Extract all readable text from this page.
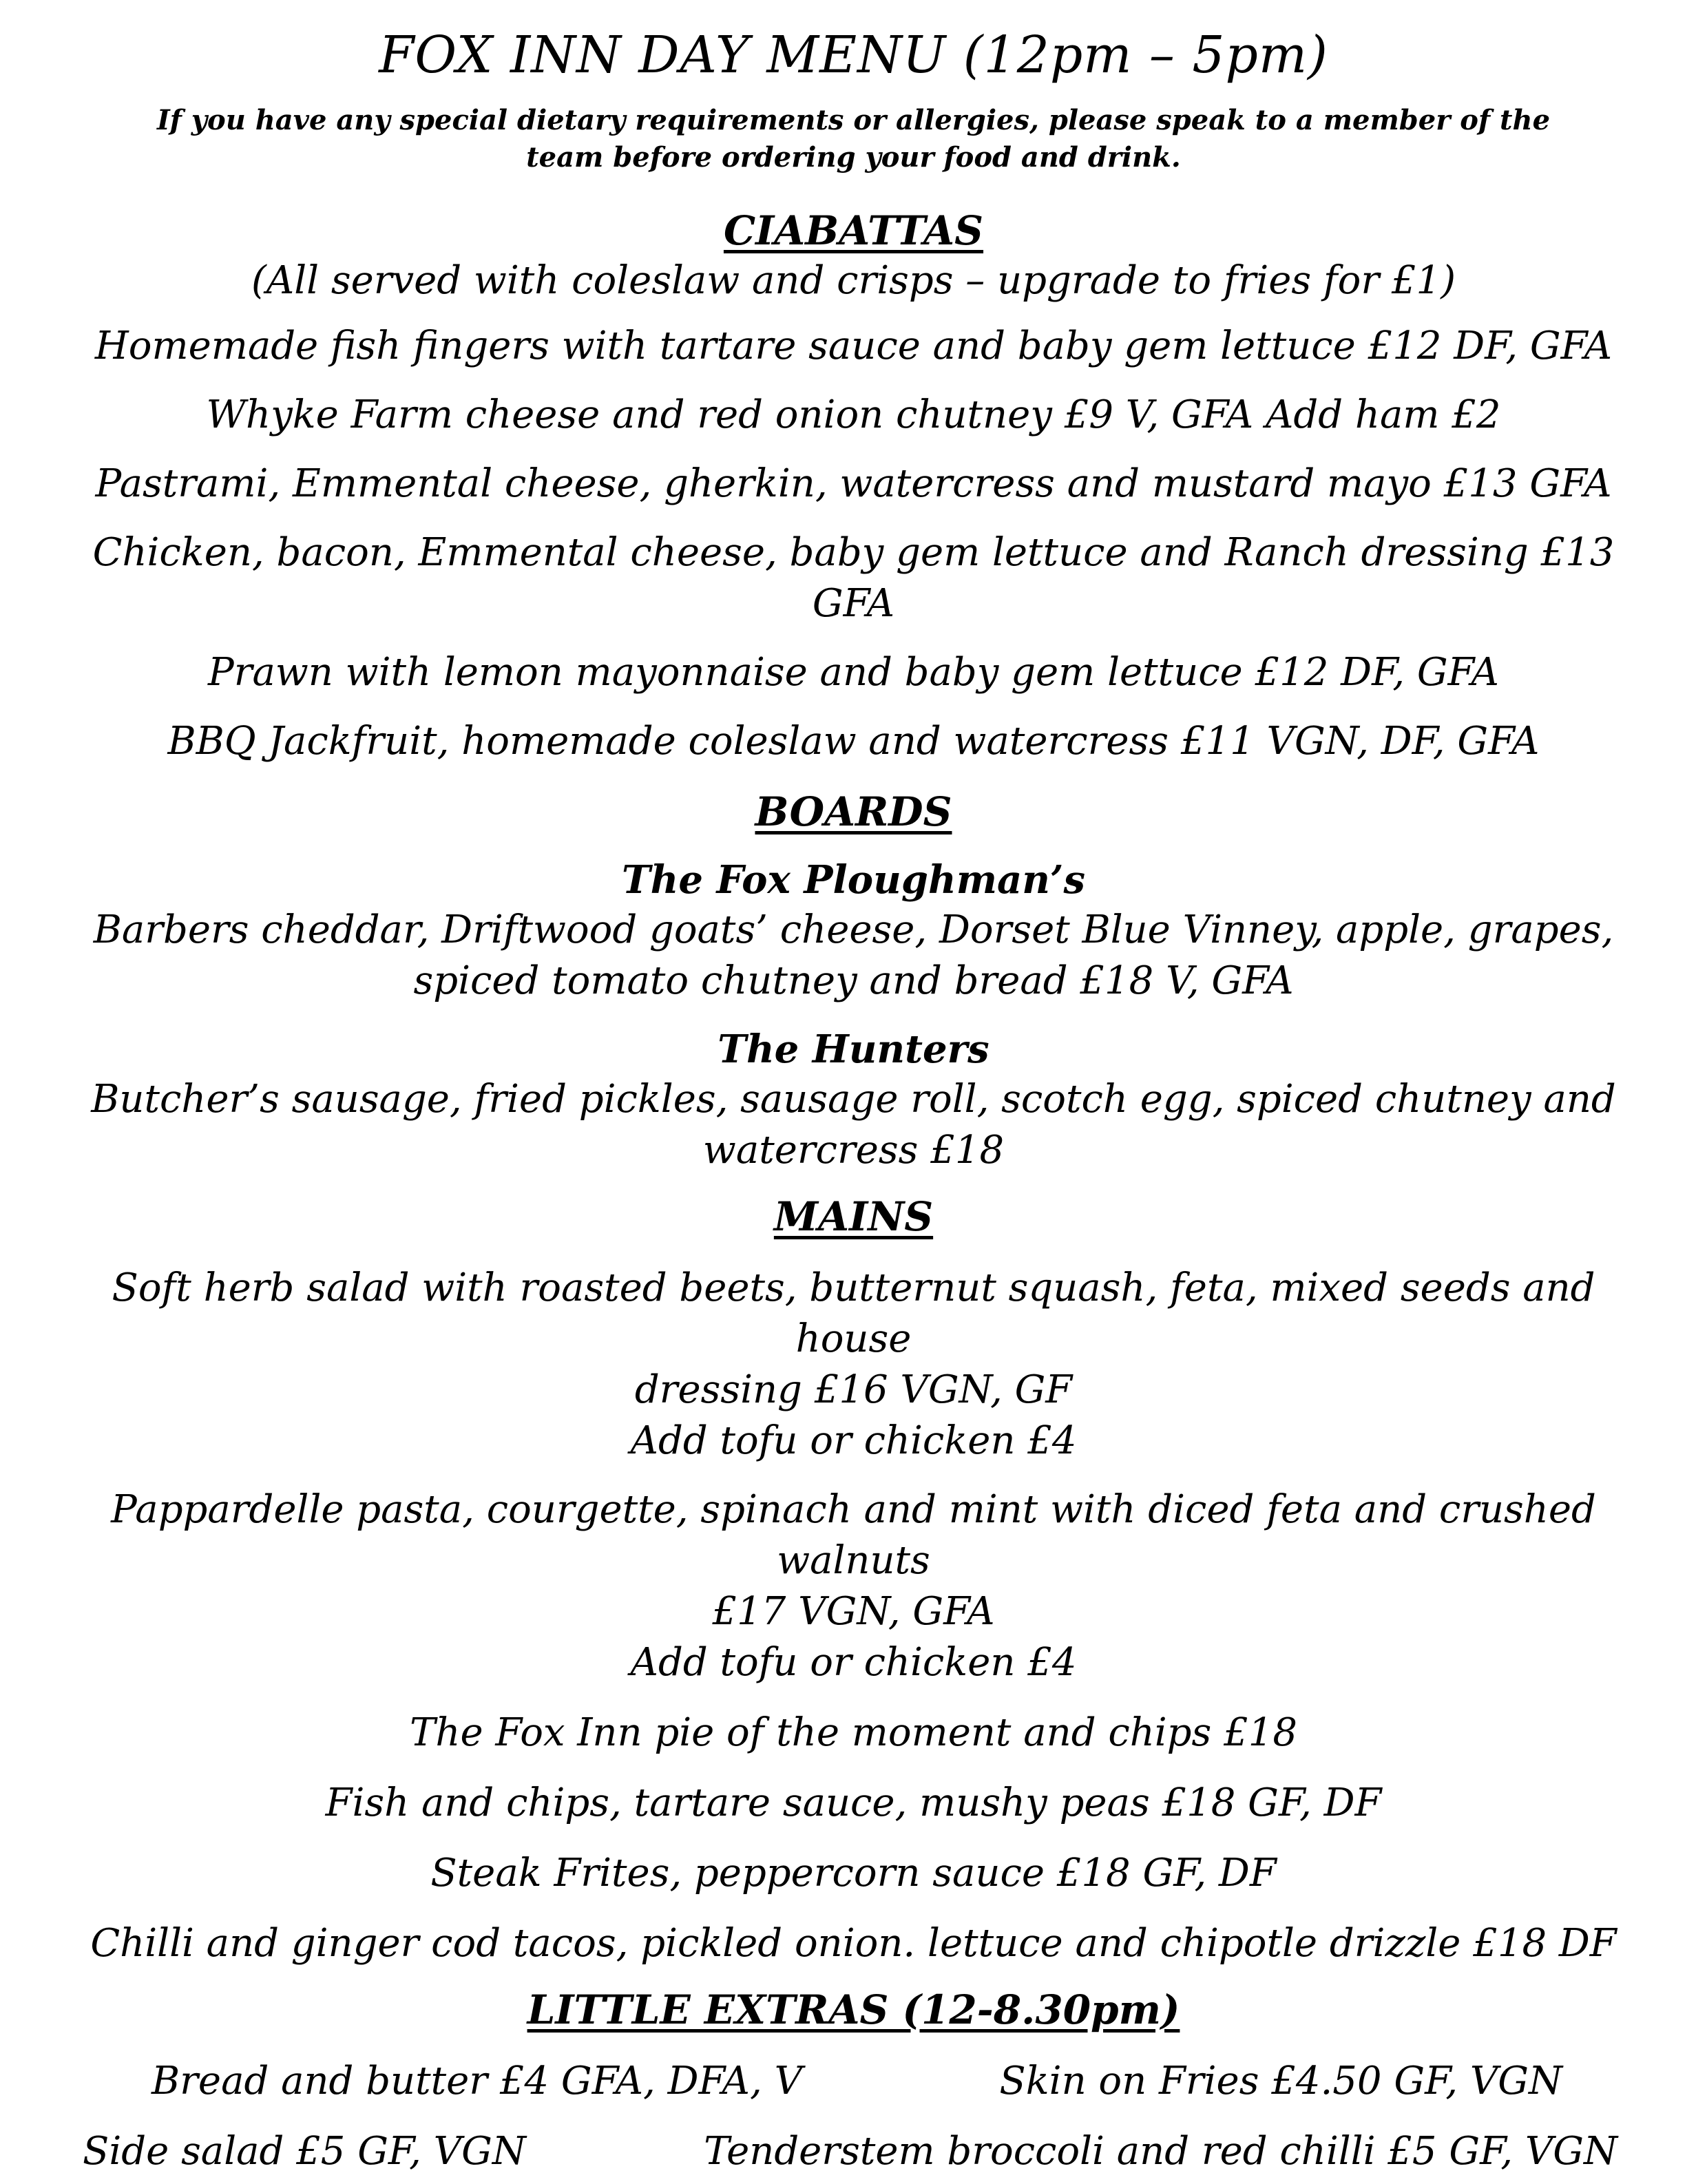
FOX INN DAY MENU (12pm – 5pm)

If you have any special dietary requirements or allergies, please speak to a member of the team before ordering your food and drink.

CIABATTAS

(All served with coleslaw and crisps – upgrade to fries for £1)

Homemade fish fingers with tartare sauce and baby gem lettuce £12 DF, GFA

Whyke Farm cheese and red onion chutney £9 V, GFA Add ham £2

Pastrami, Emmental cheese, gherkin, watercress and mustard mayo £13 GFA

Chicken, bacon, Emmental cheese, baby gem lettuce and Ranch dressing £13 GFA

Prawn with lemon mayonnaise and baby gem lettuce £12 DF, GFA

BBQ Jackfruit, homemade coleslaw and watercress £11 VGN, DF, GFA

BOARDS

The Fox Ploughman’s

Barbers cheddar, Driftwood goats’ cheese, Dorset Blue Vinney, apple, grapes,

spiced tomato chutney and bread £18 V, GFA

The Hunters

Butcher’s sausage, fried pickles, sausage roll, scotch egg, spiced chutney and

watercress £18

MAINS

Soft herb salad with roasted beets, butternut squash, feta, mixed seeds and house

dressing £16 VGN, GF

Add tofu or chicken £4

Pappardelle pasta, courgette, spinach and mint with diced feta and crushed walnuts

£17 VGN, GFA

Add tofu or chicken £4

The Fox Inn pie of the moment and chips £18

Fish and chips, tartare sauce, mushy peas £18 GF, DF

Steak Frites, peppercorn sauce £18 GF, DF

Chilli and ginger cod tacos, pickled onion. lettuce and chipotle drizzle £18 DF

LITTLE EXTRAS (12-8.30pm)
Bread and butter £4 GFA, DFA, V	Skin on Fries £4.50 GF, VGN
Side salad £5 GF, VGN	Tenderstem broccoli and red chilli £5 GF, VGN
